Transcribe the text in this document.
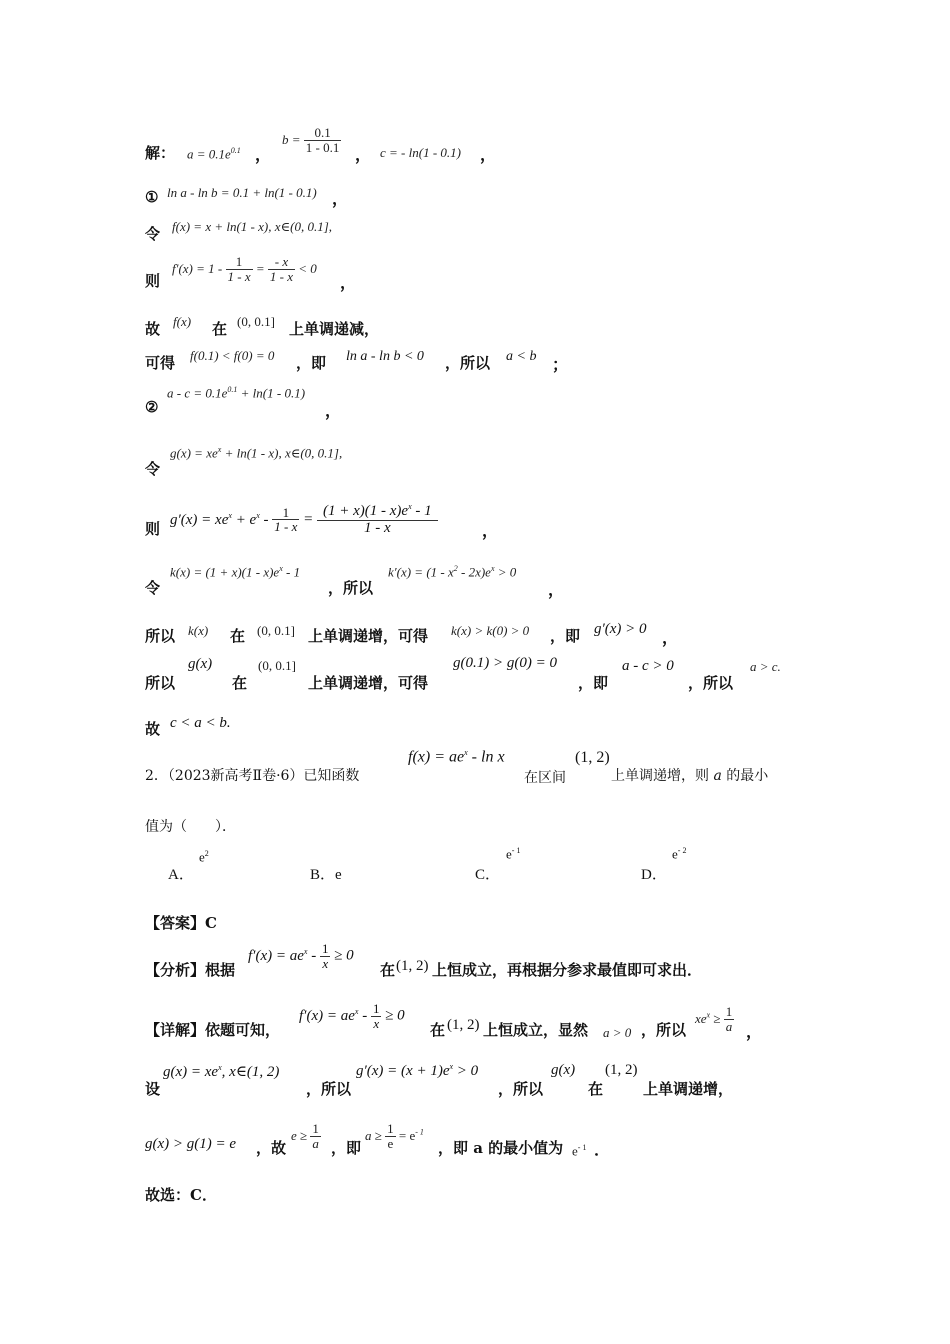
解： $a = 0.1e^{0.1}$ ，
$b = \frac{0.1}{1 - 0.1}$
， c = - ln(1 - 0.1) ，
① ln a - ln b = 0.1 + ln(1 - 0.1) ，
令 f(x) = x + ln(1 - x), x∈(0, 0.1],
则
$f'(x) = 1 - \frac{1}{1 - x} = \frac{- x}{1 - x} < 0$
，
故 f(x) 在 (0, 0.1] 上单调递减，
可得 f(0.1) < f(0) = 0 ，即 ln a - ln b < 0 ，所以 a < b ；
②
$a - c = 0.1e^{0.1} + \ln(1 - 0.1)$
，
令
$g(x) = xe^x + \ln(1 - x)$, x∈(0, 0.1],
则
$g'(x) = xe^x + e^x - \frac{1}{1 - x} = \frac{(1 + x)(1 - x)e^x - 1}{1 - x}$	，
令
$k(x) = (1 + x)(1 - x)e^x - 1$
，所以
$k'(x) = (1 - x^2 - 2x)e^x > 0$
，
所以 k(x) 在 (0, 0.1] 上单调递增，可得 k(x) > k(0) > 0 ，即 g′(x) > 0 ，
所以
g(x)
在
(0, 0.1]
上单调递增，可得
g(0.1) > g(0) = 0
，即
a - c > 0
，所以
a > c.
故 c < a < b.
2．（2023新高考Ⅱ卷·6）已知函数
$f(x) = ae^x - \ln x$
在区间
(1, 2)
上单调递增，则 a 的最小
值为（　　）．
A．
$e^2$
B．e	C．
$e^{- 1}$
D．
$e^{- 2}$
【答案】C
【分析】根据
$f'(x) = ae^x - \frac{1}{x} \ge 0$
在 (1, 2) 上恒成立，再根据分参求最值即可求出．
【详解】依题可知，
$f'(x) = ae^x - \frac{1}{x} \ge 0$
在 (1, 2) 上恒成立，显然 a > 0 ，所以
$xe^x \ge \frac{1}{a}$ ，
设
$g(x) = xe^x$, x∈(1, 2)
，所以
$g'(x) = (x + 1)e^x > 0$
，所以
g(x)
在
(1, 2)
上单调递增，
g(x) > g(1) = e ，故
$e \ge \frac{1}{a}$ ，即
$a \ge \frac{1}{e} = e^{- 1}$
，即 a 的最小值为 $e^{- 1}$ ．
故选：C．
